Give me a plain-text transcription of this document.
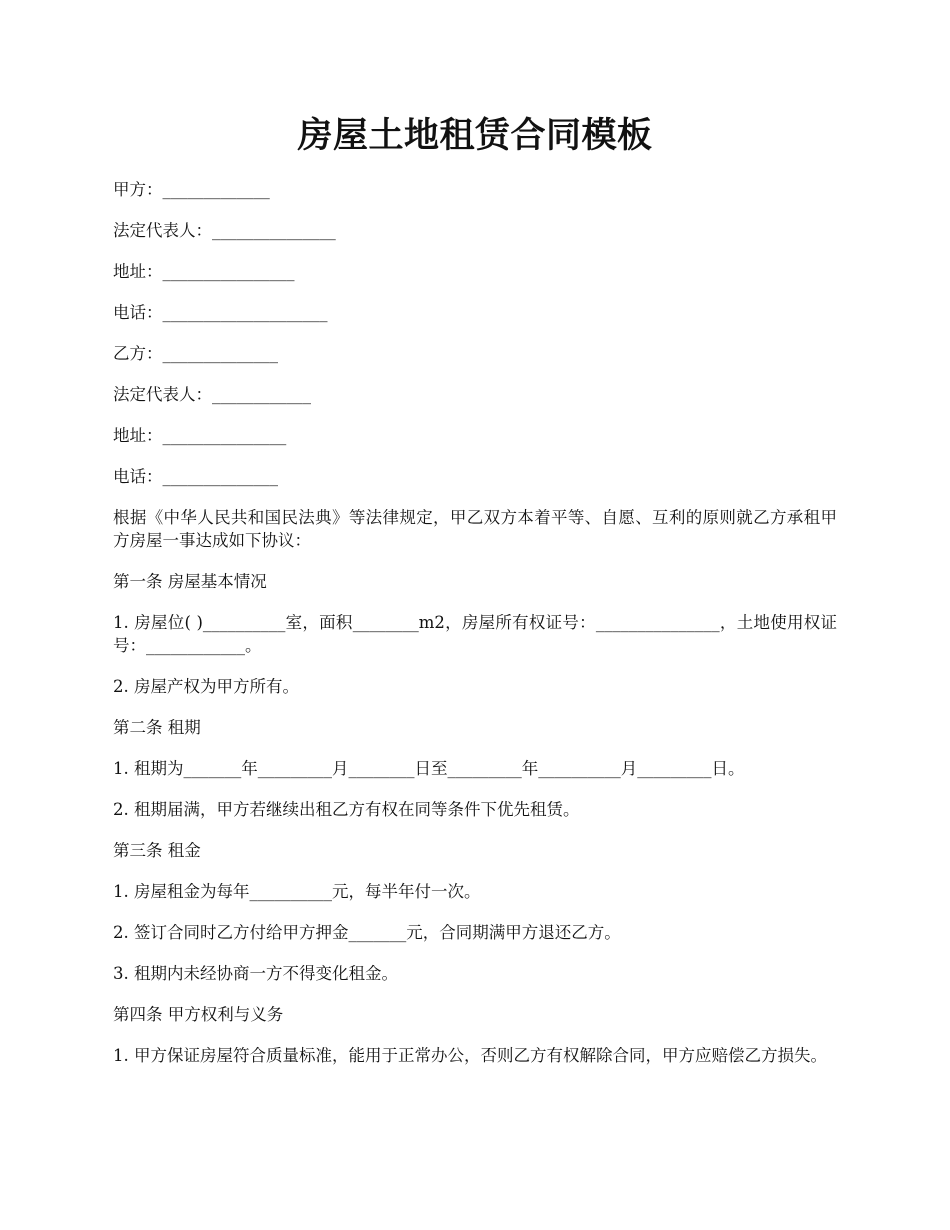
房屋土地租赁合同模板

甲方：_____________

法定代表人：_______________

地址：________________

电话：____________________

乙方：______________

法定代表人：____________

地址：_______________

电话：______________

根据《中华人民共和国民法典》等法律规定，甲乙双方本着平等、自愿、互利的原则就乙方承租甲方房屋一事达成如下协议：

第一条 房屋基本情况

1. 房屋位( )__________室，面积________m2，房屋所有权证号：_______________，土地使用权证号：____________。

2. 房屋产权为甲方所有。

第二条 租期

1. 租期为_______年_________月________日至_________年__________月_________日。

2. 租期届满，甲方若继续出租乙方有权在同等条件下优先租赁。

第三条 租金

1. 房屋租金为每年__________元，每半年付一次。

2. 签订合同时乙方付给甲方押金_______元，合同期满甲方退还乙方。

3. 租期内未经协商一方不得变化租金。

第四条 甲方权利与义务

1. 甲方保证房屋符合质量标准，能用于正常办公，否则乙方有权解除合同，甲方应赔偿乙方损失。
